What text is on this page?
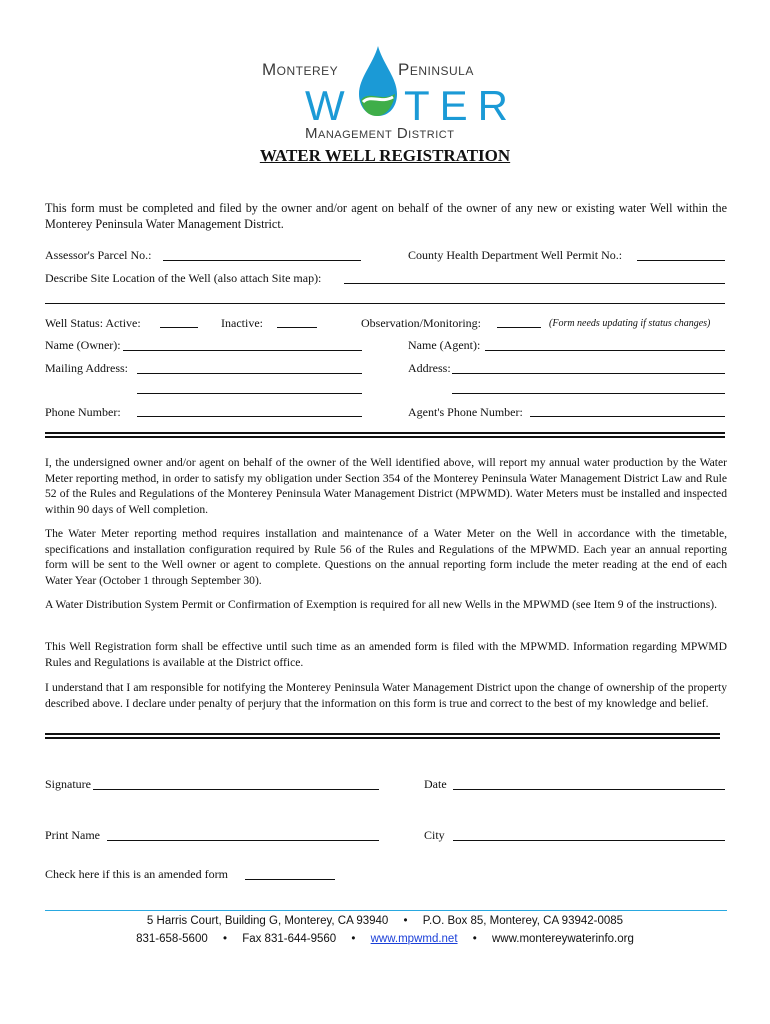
Monterey	Peninsula
W TER
Management District
WATER WELL REGISTRATION
This form must be completed and filed by the owner and/or agent on behalf of the owner of any new or existing water Well within the Monterey Peninsula Water Management District.
Assessor's Parcel No.:	County Health Department Well Permit No.:
Describe Site Location of the Well (also attach Site map):
Well Status: Active:	Inactive:	Observation/Monitoring:	(Form needs updating if status changes)
Name (Owner):	Name (Agent):
Mailing Address:	Address:
Phone Number:	Agent's Phone Number:
I, the undersigned owner and/or agent on behalf of the owner of the Well identified above, will report my annual water production by the Water Meter reporting method, in order to satisfy my obligation under Section 354 of the Monterey Peninsula Water Management District Law and Rule 52 of the Rules and Regulations of the Monterey Peninsula Water Management District (MPWMD). Water Meters must be installed and inspected within 90 days of Well completion.
The Water Meter reporting method requires installation and maintenance of a Water Meter on the Well in accordance with the timetable, specifications and installation configuration required by Rule 56 of the Rules and Regulations of the MPWMD. Each year an annual reporting form will be sent to the Well owner or agent to complete. Questions on the annual reporting form include the meter reading at the end of each Water Year (October 1 through September 30).
A Water Distribution System Permit or Confirmation of Exemption is required for all new Wells in the MPWMD (see Item 9 of the instructions).
This Well Registration form shall be effective until such time as an amended form is filed with the MPWMD. Information regarding MPWMD Rules and Regulations is available at the District office.
I understand that I am responsible for notifying the Monterey Peninsula Water Management District upon the change of ownership of the property described above. I declare under penalty of perjury that the information on this form is true and correct to the best of my knowledge and belief.
Signature	Date
Print Name	City
Check here if this is an amended form
5 Harris Court, Building G, Monterey, CA 93940 • P.O. Box 85, Monterey, CA 93942-0085
831-658-5600 • Fax 831-644-9560 • www.mpwmd.net • www.montereywaterinfo.org
